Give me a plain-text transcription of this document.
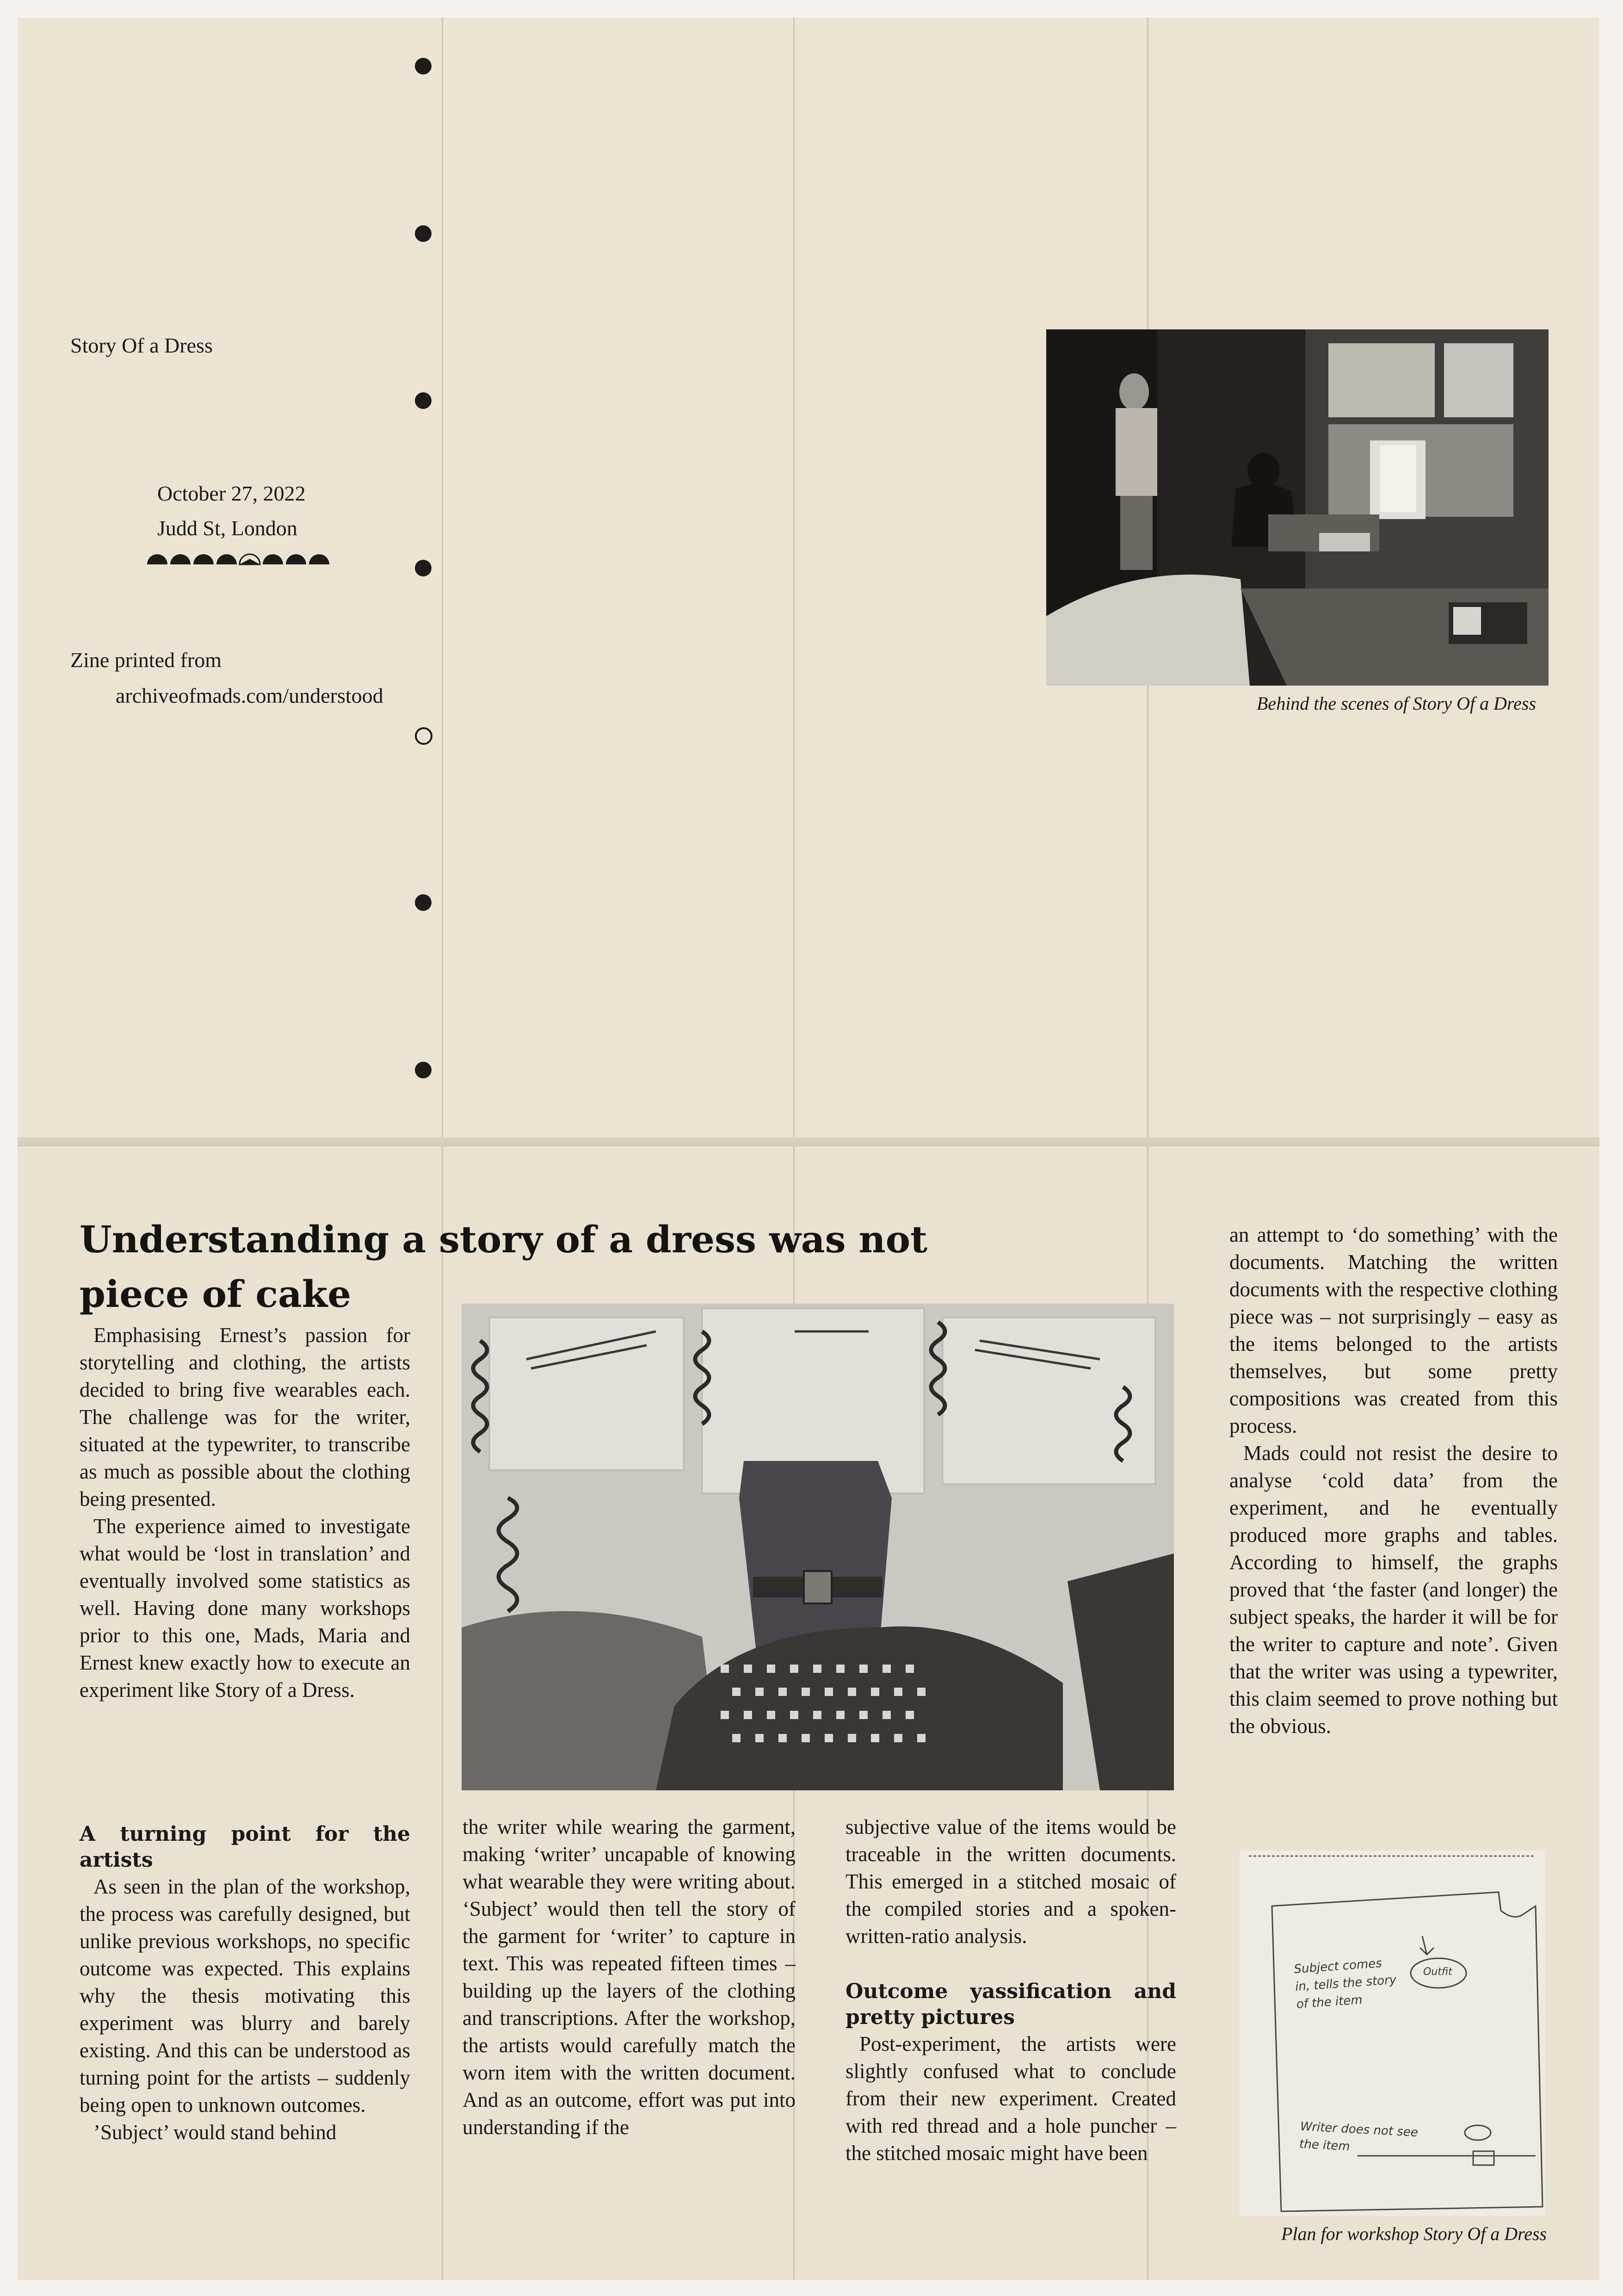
Story Of a Dress
October 27, 2022
Judd St, London
Zine printed from
archiveofmads.com/understood	Behind the scenes of Story Of a Dress
Understanding a story of a dress was not piece of cake

Emphasising Ernest’s passion for storytelling and clothing, the artists decided to bring five wearables each. The challenge was for the writer, situated at the typewriter, to transcribe as much as possible about the clothing being presented.

The experience aimed to investigate what would be ‘lost in translation’ and eventually involved some statistics as well. Having done many workshops prior to this one, Mads, Maria and Ernest knew exactly how to execute an experiment like Story of a Dress.

A turning point for the artists

As seen in the plan of the workshop, the process was carefully designed, but unlike previous workshops, no specific outcome was expected. This explains why the thesis motivating this experiment was blurry and barely existing. And this can be understood as turning point for the artists – suddenly being open to unknown outcomes.

’Subject’ would stand behind

the writer while wearing the garment, making ‘writer’ uncapable of knowing what wearable they were writing about. ‘Subject’ would then tell the story of the garment for ‘writer’ to capture in text. This was repeated fifteen times – building up the layers of the clothing and transcriptions. After the workshop, the artists would carefully match the worn item with the written document. And as an outcome, effort was put into understanding if the

subjective value of the items would be traceable in the written documents. This emerged in a stitched mosaic of the compiled stories and a spoken-written-ratio analysis.

Outcome yassification and pretty pictures

Post-experiment, the artists were slightly confused what to conclude from their new experiment. Created with red thread and a hole puncher – the stitched mosaic might have been

an attempt to ‘do something’ with the documents. Matching the written documents with the respective clothing piece was – not surprisingly – easy as the items belonged to the artists themselves, but some pretty compositions was created from this process.

Mads could not resist the desire to analyse ‘cold data’ from the experiment, and he eventually produced more graphs and tables. According to himself, the graphs proved that ‘the faster (and longer) the subject speaks, the harder it will be for the writer to capture and note’. Given that the writer was using a typewriter, this claim seemed to prove nothing but the obvious.

Subject comes in, tells the story of the item
Outfit
Writer does not see the item
Plan for workshop Story Of a Dress
